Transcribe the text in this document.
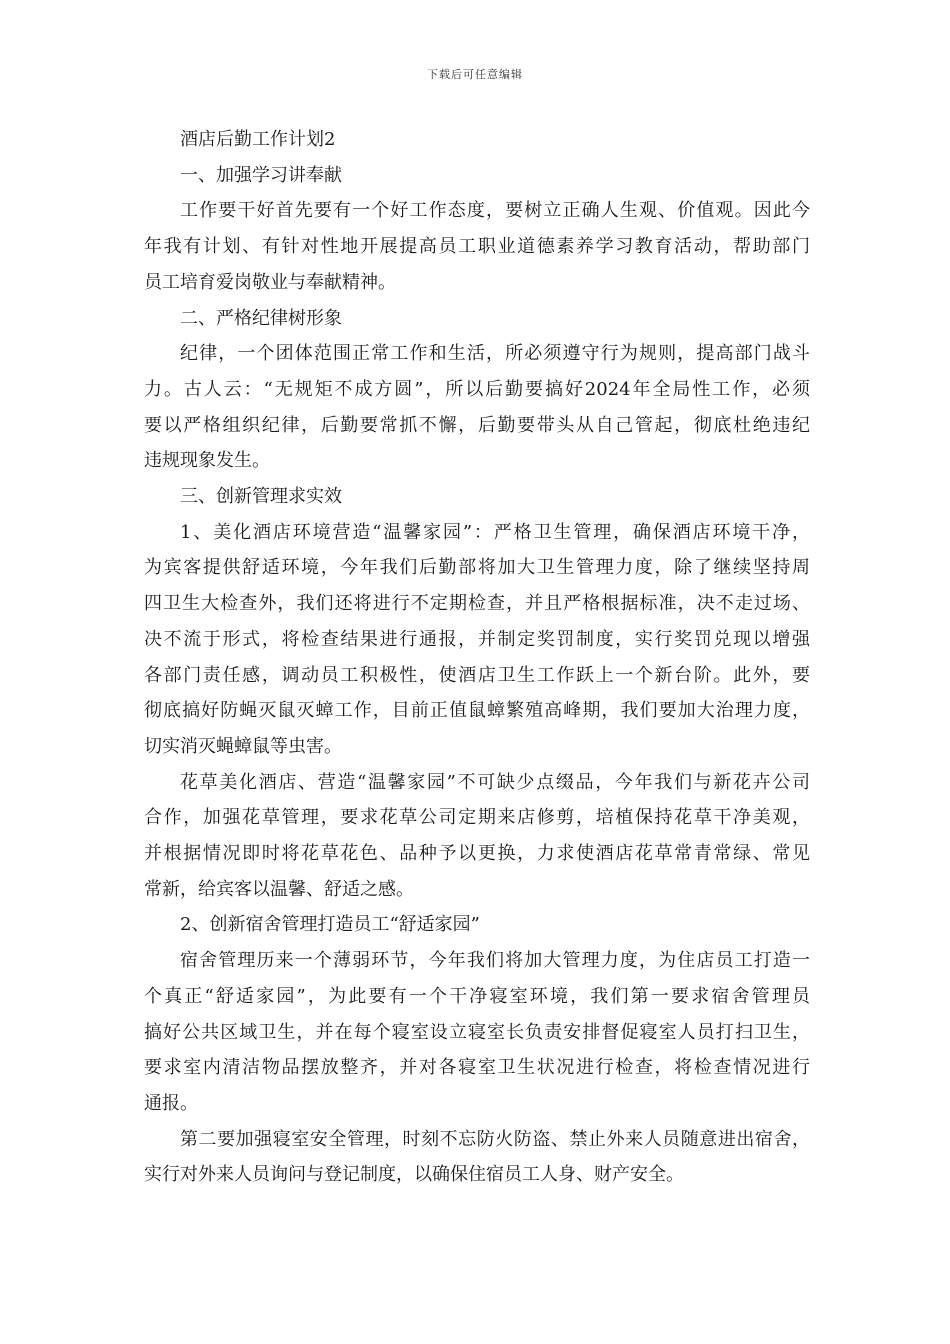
下载后可任意编辑
酒店后勤工作计划2
一、加强学习讲奉献
工作要干好首先要有一个好工作态度，要树立正确人生观、价值观。因此今
年我有计划、有针对性地开展提高员工职业道德素养学习教育活动，帮助部门
员工培育爱岗敬业与奉献精神。
二、严格纪律树形象
纪律，一个团体范围正常工作和生活，所必须遵守行为规则，提高部门战斗
力。古人云：“无规矩不成方圆”，所以后勤要搞好2024年全局性工作，必须
要以严格组织纪律，后勤要常抓不懈，后勤要带头从自己管起，彻底杜绝违纪
违规现象发生。
三、创新管理求实效
1、美化酒店环境营造“温馨家园”：严格卫生管理，确保酒店环境干净，
为宾客提供舒适环境，今年我们后勤部将加大卫生管理力度，除了继续坚持周
四卫生大检查外，我们还将进行不定期检查，并且严格根据标准，决不走过场、
决不流于形式，将检查结果进行通报，并制定奖罚制度，实行奖罚兑现以增强
各部门责任感，调动员工积极性，使酒店卫生工作跃上一个新台阶。此外，要
彻底搞好防蝇灭鼠灭蟑工作，目前正值鼠蟑繁殖高峰期，我们要加大治理力度，
切实消灭蝇蟑鼠等虫害。
花草美化酒店、营造“温馨家园”不可缺少点缀品，今年我们与新花卉公司
合作，加强花草管理，要求花草公司定期来店修剪，培植保持花草干净美观，
并根据情况即时将花草花色、品种予以更换，力求使酒店花草常青常绿、常见
常新，给宾客以温馨、舒适之感。
2、创新宿舍管理打造员工“舒适家园”
宿舍管理历来一个薄弱环节，今年我们将加大管理力度，为住店员工打造一
个真正“舒适家园”，为此要有一个干净寝室环境，我们第一要求宿舍管理员
搞好公共区域卫生，并在每个寝室设立寝室长负责安排督促寝室人员打扫卫生，
要求室内清洁物品摆放整齐，并对各寝室卫生状况进行检查，将检查情况进行
通报。
第二要加强寝室安全管理，时刻不忘防火防盗、禁止外来人员随意进出宿舍，
实行对外来人员询问与登记制度，以确保住宿员工人身、财产安全。
